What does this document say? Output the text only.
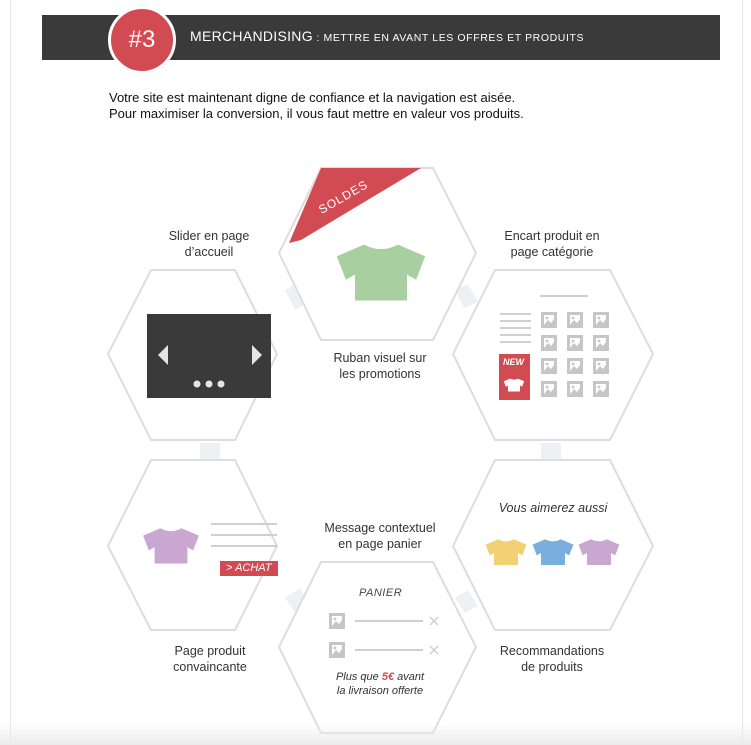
#3	MERCHANDISING : METTRE EN AVANT LES OFFRES ET PRODUITS
Votre site est maintenant digne de confiance et la navigation est aisée.
Pour maximiser la conversion, il vous faut mettre en valeur vos produits.
SOLDES
NEW
> ACHAT
PANIER
Plus que 5€ avant
la livraison offerte
Vous aimerez aussi
Slider en page
d’accueil
Ruban visuel sur
les promotions
Encart produit en
page catégorie
Message contextuel
en page panier
Page produit
convaincante
Recommandations
de produits
